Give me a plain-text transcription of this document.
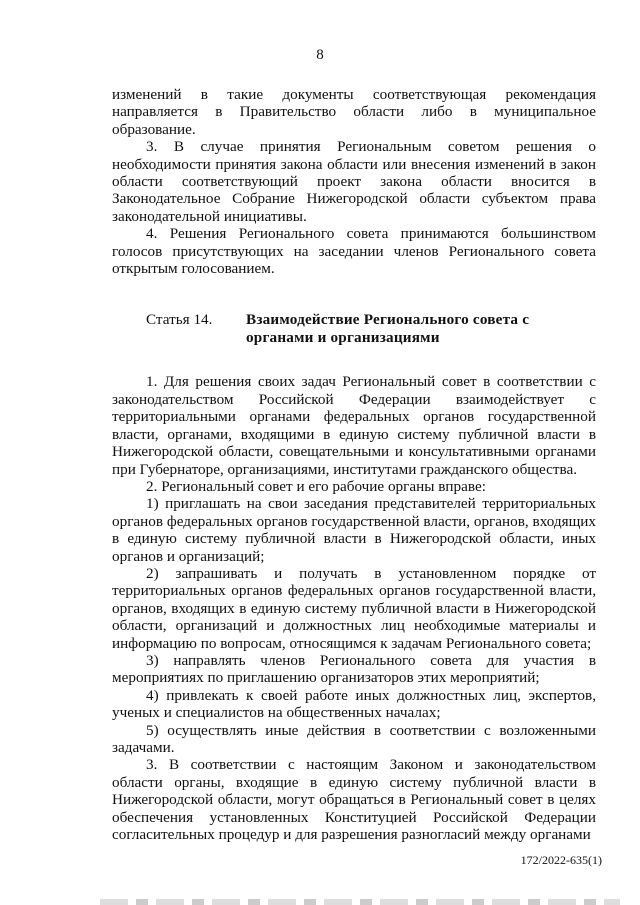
8

изменений в такие документы соответствующая рекомендация направляется в Правительство области либо в муниципальное образование.

3. В случае принятия Региональным советом решения о необходимости принятия закона области или внесения изменений в закон области соответствующий проект закона области вносится в Законодательное Собрание Нижегородской области субъектом права законодательной инициативы.

4. Решения Регионального совета принимаются большинством голосов присутствующих на заседании членов Регионального совета открытым голосованием.

Статья 14.	Взаимодействие Регионального совета с органами и организациями

1. Для решения своих задач Региональный совет в соответствии с законодательством Российской Федерации взаимодействует с территориальными органами федеральных органов государственной власти, органами, входящими в единую систему публичной власти в Нижегородской области, совещательными и консультативными органами при Губернаторе, организациями, институтами гражданского общества.

2. Региональный совет и его рабочие органы вправе:

1) приглашать на свои заседания представителей территориальных органов федеральных органов государственной власти, органов, входящих в единую систему публичной власти в Нижегородской области, иных органов и организаций;

2) запрашивать и получать в установленном порядке от территориальных органов федеральных органов государственной власти, органов, входящих в единую систему публичной власти в Нижегородской области, организаций и должностных лиц необходимые материалы и информацию по вопросам, относящимся к задачам Регионального совета;

3) направлять членов Регионального совета для участия в мероприятиях по приглашению организаторов этих мероприятий;

4) привлекать к своей работе иных должностных лиц, экспертов, ученых и специалистов на общественных началах;

5) осуществлять иные действия в соответствии с возложенными задачами.

3. В соответствии с настоящим Законом и законодательством области органы, входящие в единую систему публичной власти в Нижегородской области, могут обращаться в Региональный совет в целях обеспечения установленных Конституцией Российской Федерации согласительных процедур и для разрешения разногласий между органами

172/2022-635(1)
